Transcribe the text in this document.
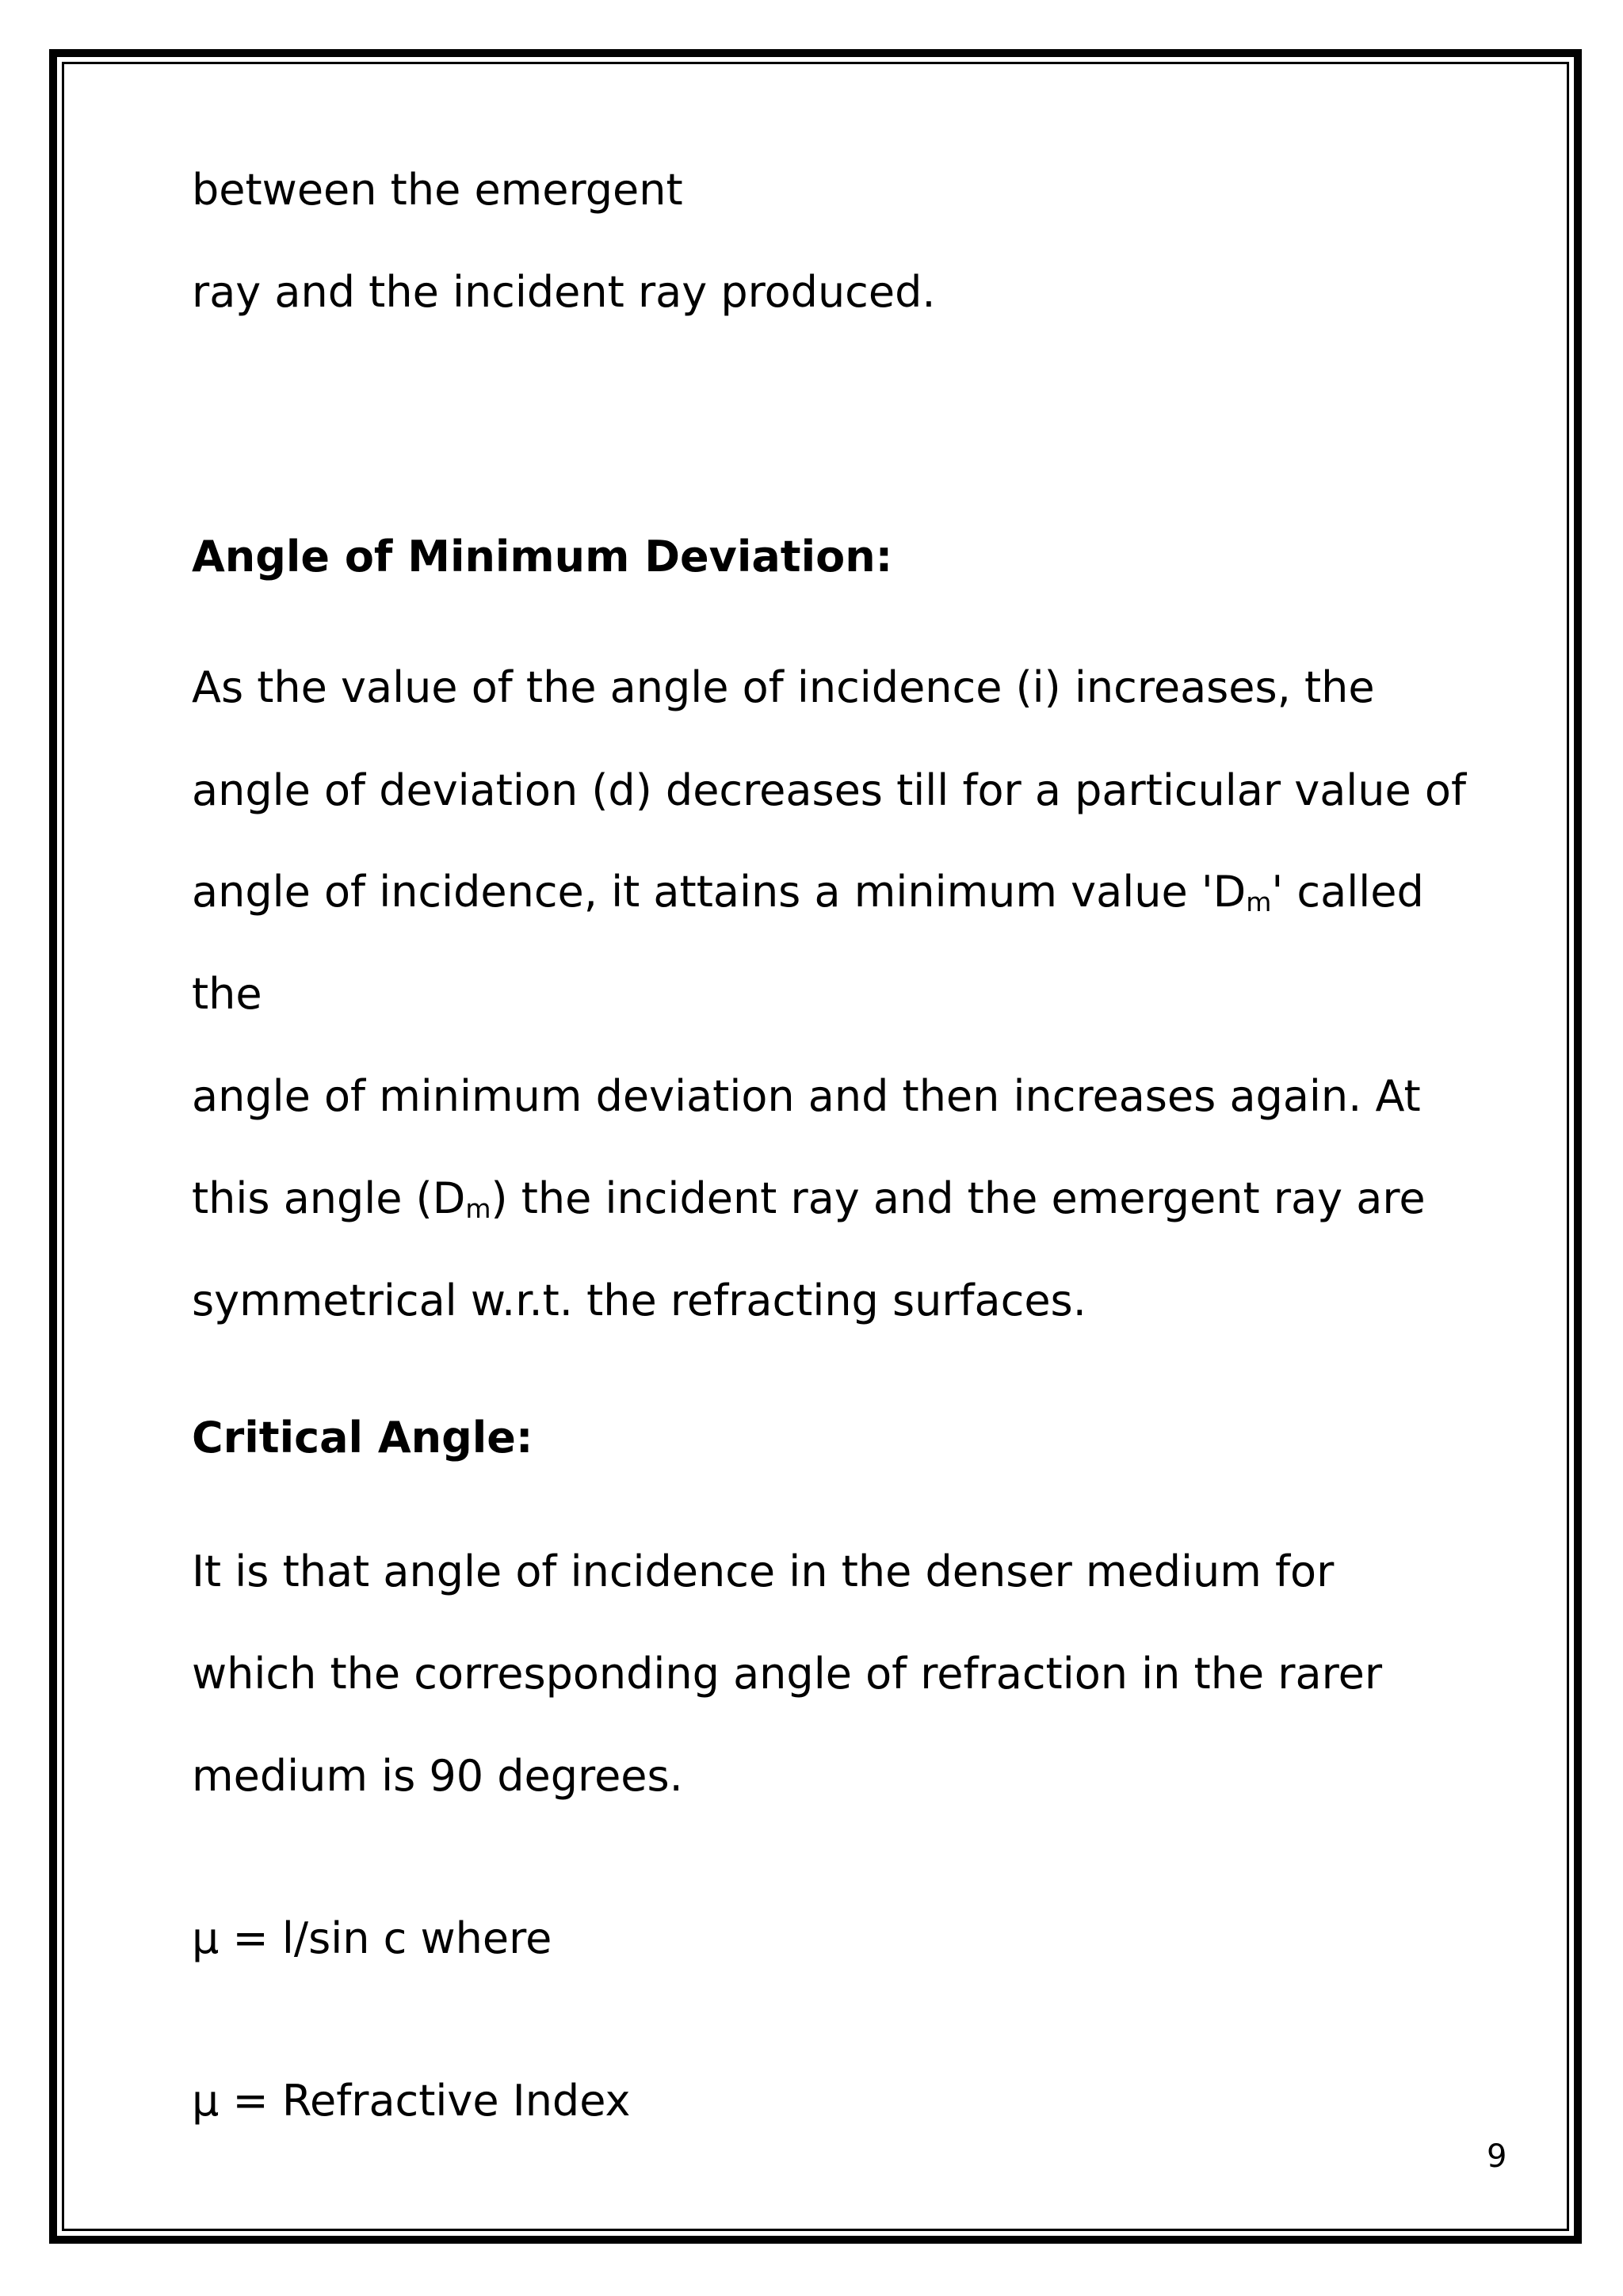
between the emergent
ray and the incident ray produced.
Angle of Minimum Deviation:
As the value of the angle of incidence (i) increases, the
angle of deviation (d) decreases till for a particular value of
angle of incidence, it attains a minimum value 'Dm' called
the
angle of minimum deviation and then increases again. At
this angle (Dm) the incident ray and the emergent ray are
symmetrical w.r.t. the refracting surfaces.
Critical Angle:
It is that angle of incidence in the denser medium for
which the corresponding angle of refraction in the rarer
medium is 90 degrees.
μ = l/sin c where
μ = Refractive Index
9
